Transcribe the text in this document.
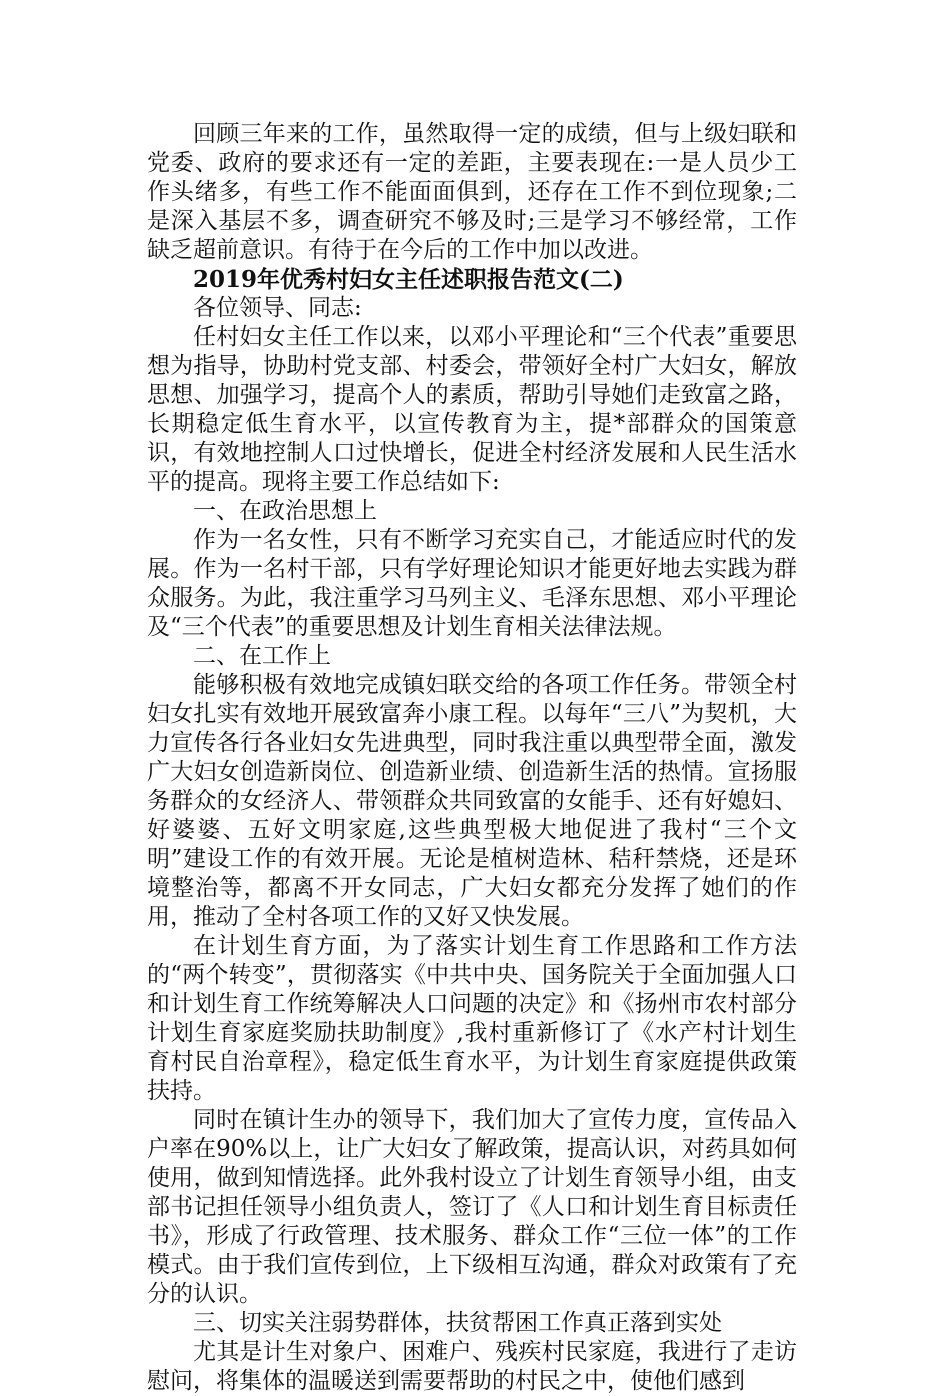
回顾三年来的工作，虽然取得一定的成绩，但与上级妇联和党委、政府的要求还有一定的差距，主要表现在:一是人员少工作头绪多，有些工作不能面面俱到，还存在工作不到位现象;二是深入基层不多，调查研究不够及时;三是学习不够经常，工作缺乏超前意识。有待于在今后的工作中加以改进。

2019年优秀村妇女主任述职报告范文(二)

各位领导、同志:

任村妇女主任工作以来，以邓小平理论和“三个代表”重要思想为指导，协助村党支部、村委会，带领好全村广大妇女，解放思想、加强学习，提高个人的素质，帮助引导她们走致富之路，长期稳定低生育水平，以宣传教育为主，提*部群众的国策意识，有效地控制人口过快增长，促进全村经济发展和人民生活水平的提高。现将主要工作总结如下:

一、在政治思想上

作为一名女性，只有不断学习充实自己，才能适应时代的发展。作为一名村干部，只有学好理论知识才能更好地去实践为群众服务。为此，我注重学习马列主义、毛泽东思想、邓小平理论及“三个代表”的重要思想及计划生育相关法律法规。

二、在工作上

能够积极有效地完成镇妇联交给的各项工作任务。带领全村妇女扎实有效地开展致富奔小康工程。以每年“三八”为契机，大力宣传各行各业妇女先进典型，同时我注重以典型带全面，激发广大妇女创造新岗位、创造新业绩、创造新生活的热情。宣扬服务群众的女经济人、带领群众共同致富的女能手、还有好媳妇、好婆婆、五好文明家庭,这些典型极大地促进了我村“三个文明”建设工作的有效开展。无论是植树造林、秸秆禁烧，还是环境整治等，都离不开女同志，广大妇女都充分发挥了她们的作用，推动了全村各项工作的又好又快发展。

在计划生育方面，为了落实计划生育工作思路和工作方法的“两个转变”，贯彻落实《中共中央、国务院关于全面加强人口和计划生育工作统筹解决人口问题的决定》和《扬州市农村部分计划生育家庭奖励扶助制度》,我村重新修订了《水产村计划生育村民自治章程》，稳定低生育水平，为计划生育家庭提供政策扶持。

同时在镇计生办的领导下，我们加大了宣传力度，宣传品入户率在90%以上，让广大妇女了解政策，提高认识，对药具如何使用，做到知情选择。此外我村设立了计划生育领导小组，由支部书记担任领导小组负责人，签订了《人口和计划生育目标责任书》，形成了行政管理、技术服务、群众工作“三位一体”的工作模式。由于我们宣传到位，上下级相互沟通，群众对政策有了充分的认识。

三、切实关注弱势群体，扶贫帮困工作真正落到实处

尤其是计生对象户、困难户、残疾村民家庭，我进行了走访慰问，将集体的温暖送到需要帮助的村民之中，使他们感到
